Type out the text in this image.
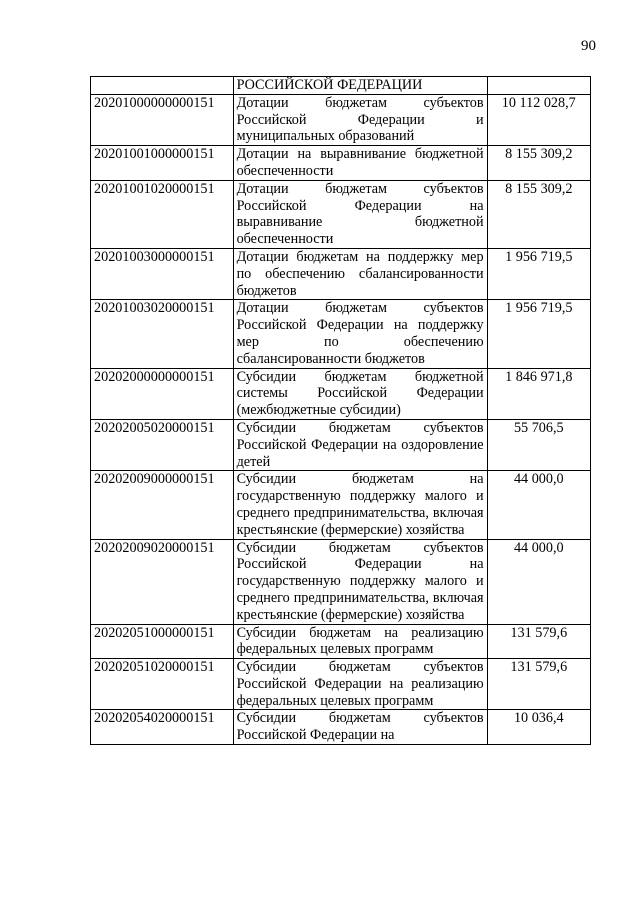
90
	РОССИЙСКОЙ ФЕДЕРАЦИИ	
20201000000000151	Дотации бюджетам субъектов Российской Федерации и муниципальных образований	10 112 028,7
20201001000000151	Дотации на выравнивание бюджетной обеспеченности	8 155 309,2
20201001020000151	Дотации бюджетам субъектов Российской Федерации на выравнивание бюджетной обеспеченности	8 155 309,2
20201003000000151	Дотации бюджетам на поддержку мер по обеспечению сбалансированности бюджетов	1 956 719,5
20201003020000151	Дотации бюджетам субъектов Российской Федерации на поддержку мер по обеспечению сбалансированности бюджетов	1 956 719,5
20202000000000151	Субсидии бюджетам бюджетной системы Российской Федерации (межбюджетные субсидии)	1 846 971,8
20202005020000151	Субсидии бюджетам субъектов Российской Федерации на оздоровление детей	55 706,5
20202009000000151	Субсидии бюджетам на государственную поддержку малого и среднего предпринимательства, включая крестьянские (фермерские) хозяйства	44 000,0
20202009020000151	Субсидии бюджетам субъектов Российской Федерации на государственную поддержку малого и среднего предпринимательства, включая крестьянские (фермерские) хозяйства	44 000,0
20202051000000151	Субсидии бюджетам на реализацию федеральных целевых программ	131 579,6
20202051020000151	Субсидии бюджетам субъектов Российской Федерации на реализацию федеральных целевых программ	131 579,6
20202054020000151	Субсидии бюджетам субъектов Российской Федерации на	10 036,4
